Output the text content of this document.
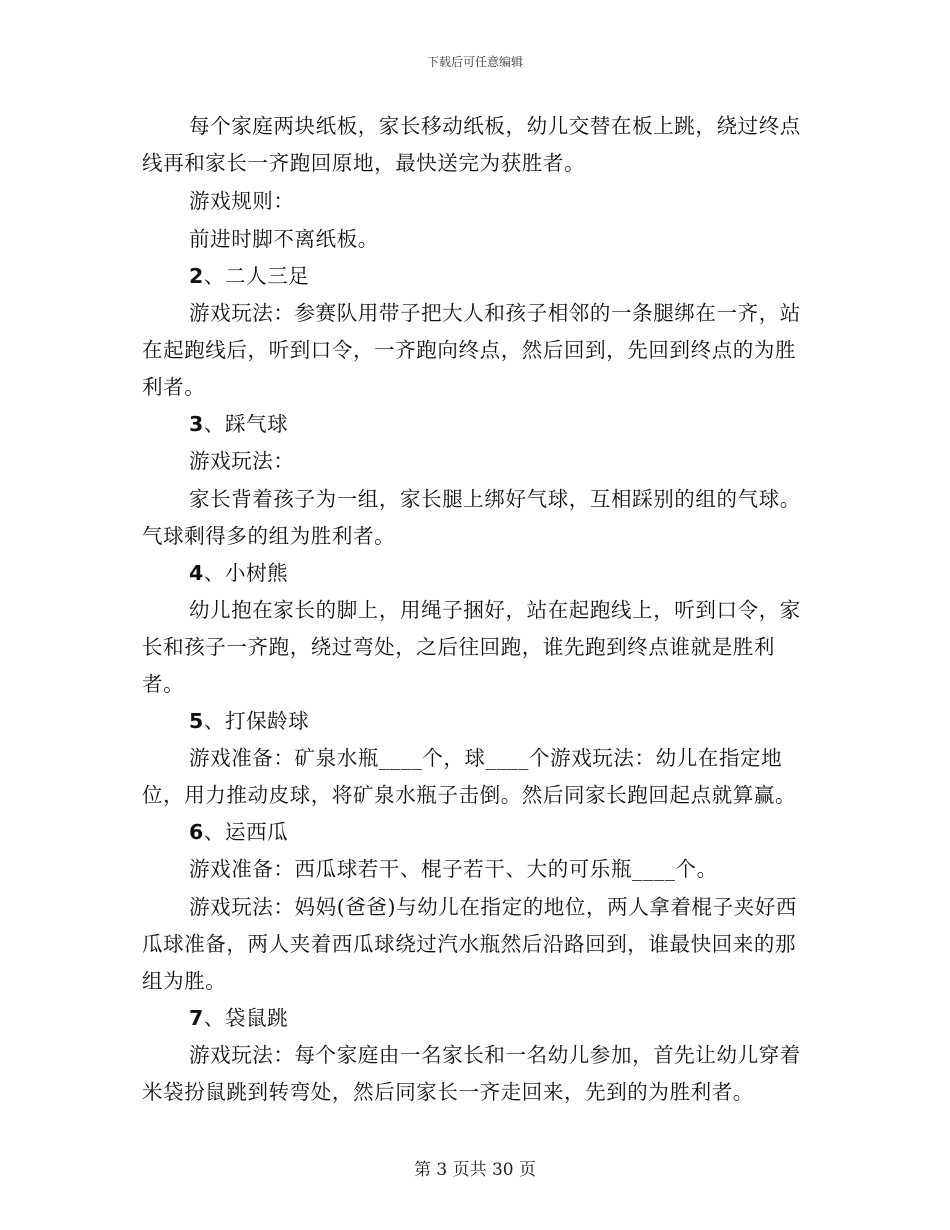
下载后可任意编辑
每个家庭两块纸板，家长移动纸板，幼儿交替在板上跳，绕过终点线再和家长一齐跑回原地，最快送完为获胜者。
游戏规则：
前进时脚不离纸板。
2、二人三足
游戏玩法：参赛队用带子把大人和孩子相邻的一条腿绑在一齐，站在起跑线后，听到口令，一齐跑向终点，然后回到，先回到终点的为胜利者。
3、踩气球
游戏玩法：
家长背着孩子为一组，家长腿上绑好气球，互相踩别的组的气球。气球剩得多的组为胜利者。
4、小树熊
幼儿抱在家长的脚上，用绳子捆好，站在起跑线上，听到口令，家长和孩子一齐跑，绕过弯处，之后往回跑，谁先跑到终点谁就是胜利者。
5、打保龄球
游戏准备：矿泉水瓶____个，球____个游戏玩法：幼儿在指定地位，用力推动皮球，将矿泉水瓶子击倒。然后同家长跑回起点就算赢。
6、运西瓜
游戏准备：西瓜球若干、棍子若干、大的可乐瓶____个。
游戏玩法：妈妈(爸爸)与幼儿在指定的地位，两人拿着棍子夹好西瓜球准备，两人夹着西瓜球绕过汽水瓶然后沿路回到，谁最快回来的那组为胜。
7、袋鼠跳
游戏玩法：每个家庭由一名家长和一名幼儿参加，首先让幼儿穿着米袋扮鼠跳到转弯处，然后同家长一齐走回来，先到的为胜利者。
第 3 页共 30 页
